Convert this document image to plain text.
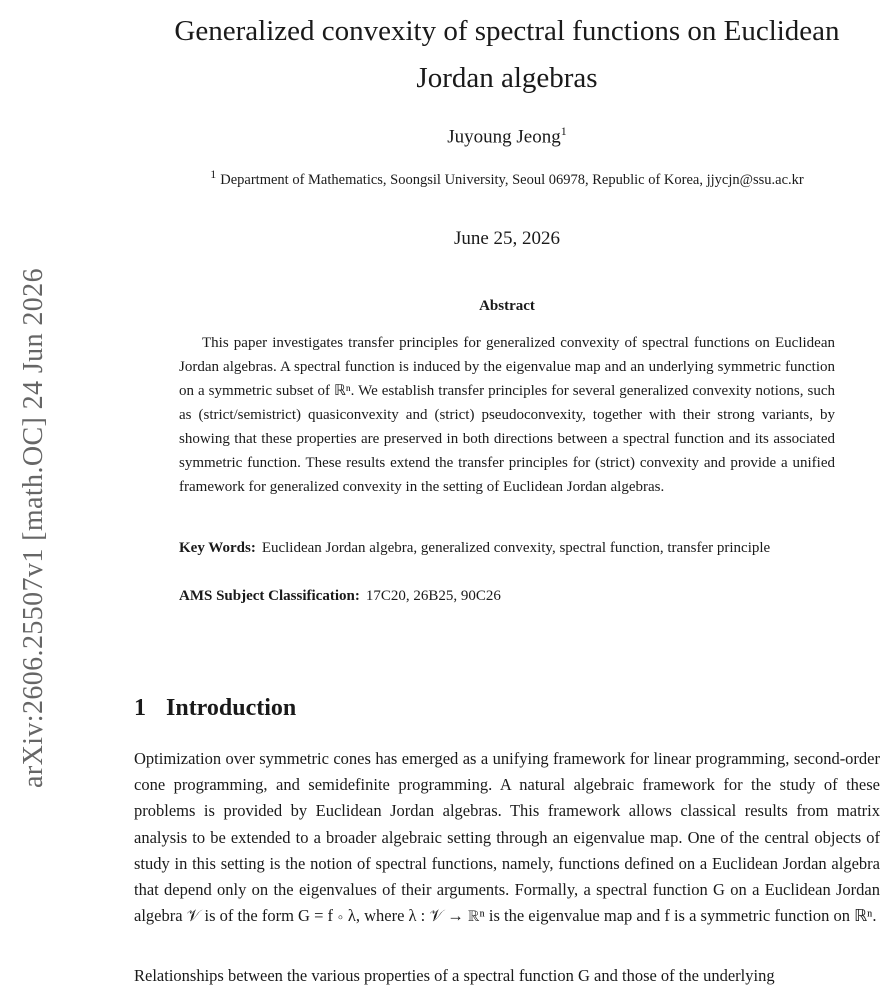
arXiv:2606.25507v1 [math.OC] 24 Jun 2026
Generalized convexity of spectral functions on Euclidean Jordan algebras
Juyoung Jeong$^1$
$^1$ Department of Mathematics, Soongsil University, Seoul 06978, Republic of Korea, jjycjn@ssu.ac.kr
June 25, 2026
Abstract

This paper investigates transfer principles for generalized convexity of spectral functions on Euclidean Jordan algebras. A spectral function is induced by the eigenvalue map and an underlying symmetric function on a symmetric subset of ℝⁿ. We establish transfer principles for several generalized convexity notions, such as (strict/semistrict) quasiconvexity and (strict) pseudoconvexity, together with their strong variants, by showing that these properties are preserved in both directions between a spectral function and its associated symmetric function. These results extend the transfer principles for (strict) convexity and provide a unified framework for generalized convexity in the setting of Euclidean Jordan algebras.

Key Words: Euclidean Jordan algebra, generalized convexity, spectral function, transfer principle

AMS Subject Classification: 17C20, 26B25, 90C26

1 Introduction

Optimization over symmetric cones has emerged as a unifying framework for linear programming, second-order cone programming, and semidefinite programming. A natural algebraic framework for the study of these problems is provided by Euclidean Jordan algebras. This framework allows classical results from matrix analysis to be extended to a broader algebraic setting through an eigenvalue map. One of the central objects of study in this setting is the notion of spectral functions, namely, functions defined on a Euclidean Jordan algebra that depend only on the eigenvalues of their arguments. Formally, a spectral function G on a Euclidean Jordan algebra 𝒱 is of the form G = f ∘ λ, where λ : 𝒱 → ℝⁿ is the eigenvalue map and f is a symmetric function on ℝⁿ.

Relationships between the various properties of a spectral function G and those of the underlying
